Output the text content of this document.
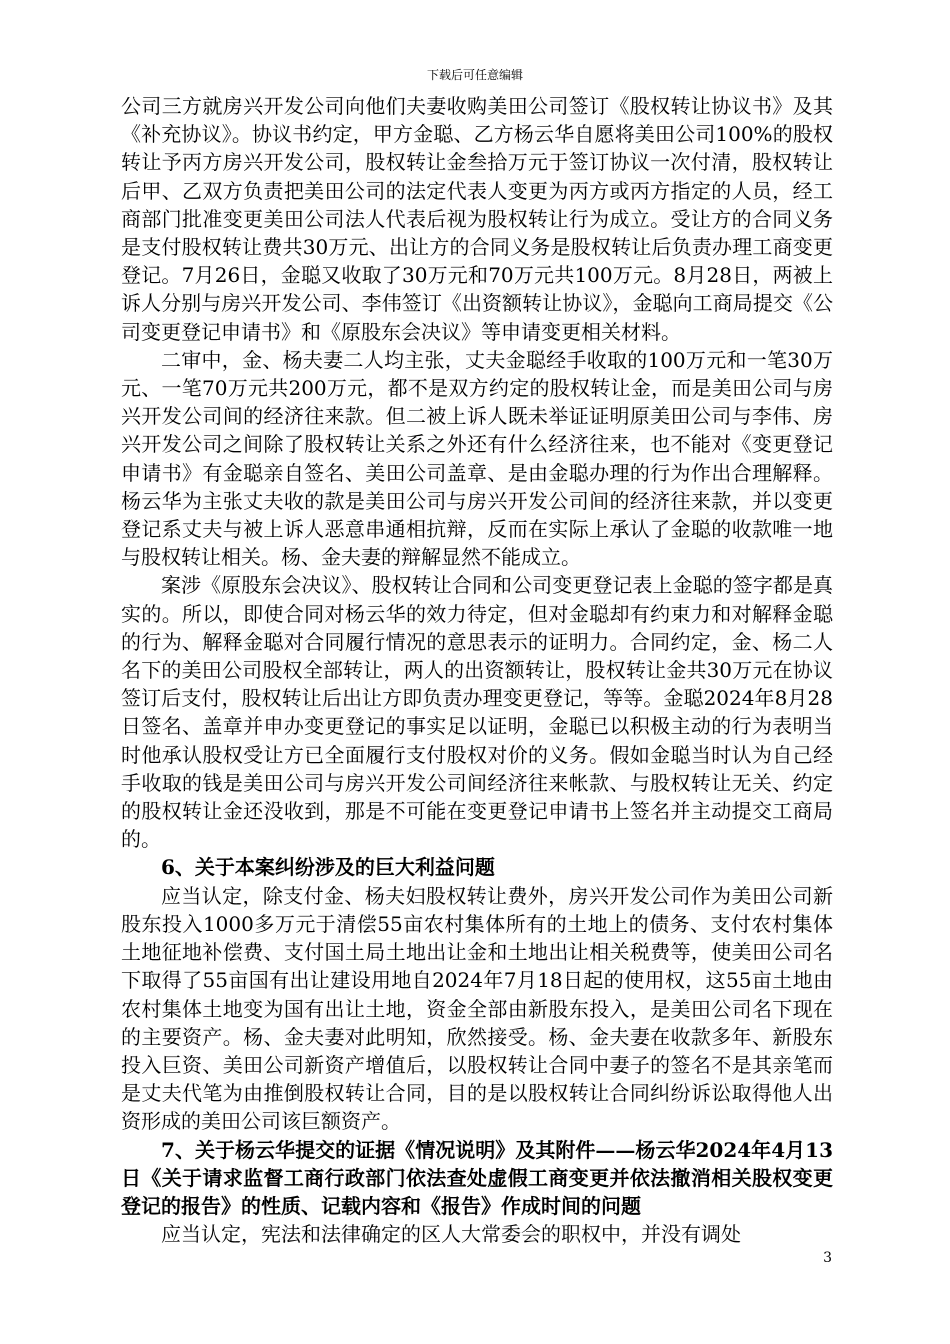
下载后可任意编辑

公司三方就房兴开发公司向他们夫妻收购美田公司签订《股权转让协议书》及其《补充协议》。协议书约定，甲方金聪、乙方杨云华自愿将美田公司100%的股权转让予丙方房兴开发公司，股权转让金叁拾万元于签订协议一次付清，股权转让后甲、乙双方负责把美田公司的法定代表人变更为丙方或丙方指定的人员，经工商部门批准变更美田公司法人代表后视为股权转让行为成立。受让方的合同义务是支付股权转让费共30万元、出让方的合同义务是股权转让后负责办理工商变更登记。7月26日，金聪又收取了30万元和70万元共100万元。8月28日，两被上诉人分别与房兴开发公司、李伟签订《出资额转让协议》，金聪向工商局提交《公司变更登记申请书》和《原股东会决议》等申请变更相关材料。

二审中，金、杨夫妻二人均主张，丈夫金聪经手收取的100万元和一笔30万元、一笔70万元共200万元，都不是双方约定的股权转让金，而是美田公司与房兴开发公司间的经济往来款。但二被上诉人既未举证证明原美田公司与李伟、房兴开发公司之间除了股权转让关系之外还有什么经济往来，也不能对《变更登记申请书》有金聪亲自签名、美田公司盖章、是由金聪办理的行为作出合理解释。杨云华为主张丈夫收的款是美田公司与房兴开发公司间的经济往来款，并以变更登记系丈夫与被上诉人恶意串通相抗辩，反而在实际上承认了金聪的收款唯一地与股权转让相关。杨、金夫妻的辩解显然不能成立。

案涉《原股东会决议》、股权转让合同和公司变更登记表上金聪的签字都是真实的。所以，即使合同对杨云华的效力待定，但对金聪却有约束力和对解释金聪的行为、解释金聪对合同履行情况的意思表示的证明力。合同约定，金、杨二人名下的美田公司股权全部转让，两人的出资额转让，股权转让金共30万元在协议签订后支付，股权转让后出让方即负责办理变更登记，等等。金聪2024年8月28日签名、盖章并申办变更登记的事实足以证明，金聪已以积极主动的行为表明当时他承认股权受让方已全面履行支付股权对价的义务。假如金聪当时认为自己经手收取的钱是美田公司与房兴开发公司间经济往来帐款、与股权转让无关、约定的股权转让金还没收到，那是不可能在变更登记申请书上签名并主动提交工商局的。

6、关于本案纠纷涉及的巨大利益问题

应当认定，除支付金、杨夫妇股权转让费外，房兴开发公司作为美田公司新股东投入1000多万元于清偿55亩农村集体所有的土地上的债务、支付农村集体土地征地补偿费、支付国土局土地出让金和土地出让相关税费等，使美田公司名下取得了55亩国有出让建设用地自2024年7月18日起的使用权，这55亩土地由农村集体土地变为国有出让土地，资金全部由新股东投入，是美田公司名下现在的主要资产。杨、金夫妻对此明知，欣然接受。杨、金夫妻在收款多年、新股东投入巨资、美田公司新资产增值后，以股权转让合同中妻子的签名不是其亲笔而是丈夫代笔为由推倒股权转让合同，目的是以股权转让合同纠纷诉讼取得他人出资形成的美田公司该巨额资产。

7、关于杨云华提交的证据《情况说明》及其附件——杨云华2024年4月13日《关于请求监督工商行政部门依法查处虚假工商变更并依法撤消相关股权变更登记的报告》的性质、记载内容和《报告》作成时间的问题

应当认定，宪法和法律确定的区人大常委会的职权中，并没有调处

3
